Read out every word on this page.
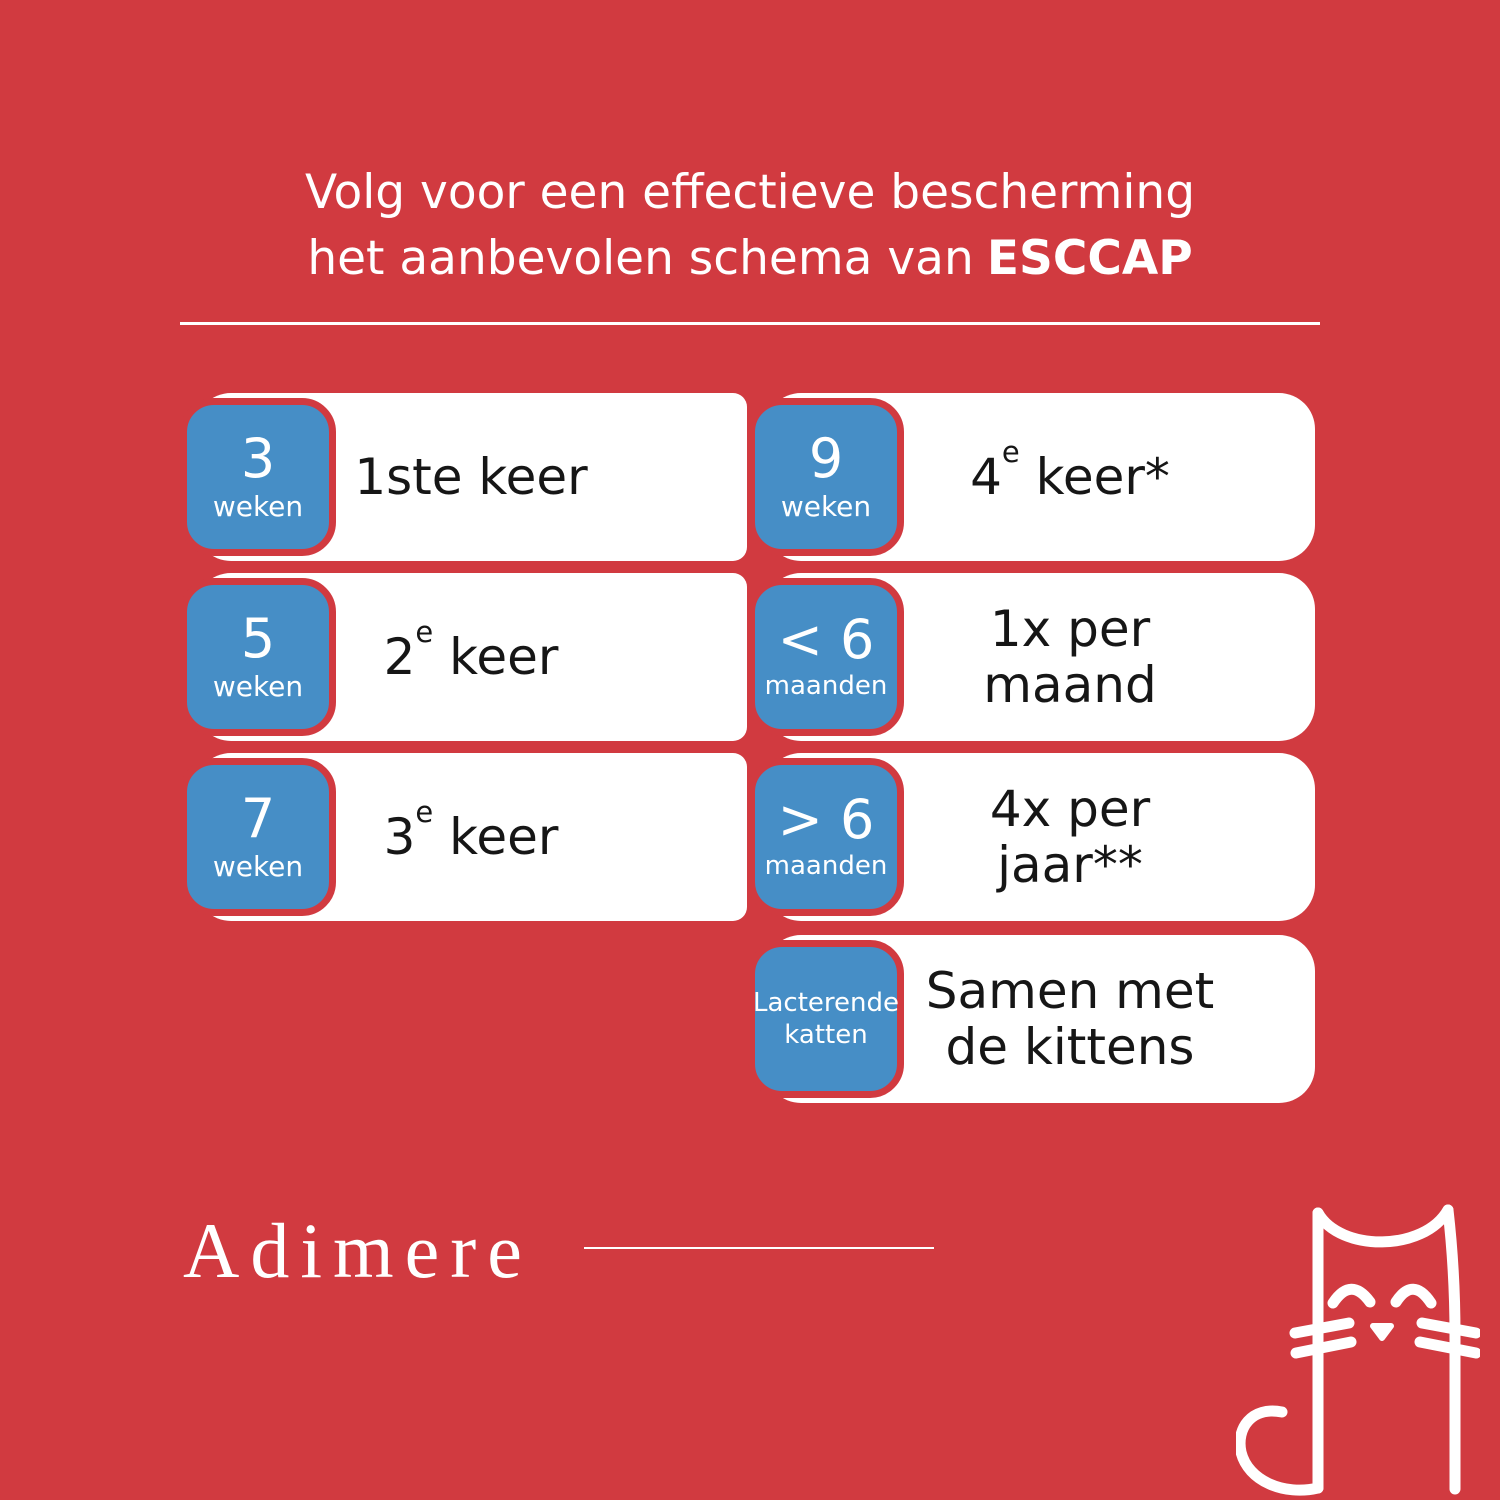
Volg voor een effectieve bescherming
het aanbevolen schema van ESCCAP
1ste keer
3
weken
2e keer
5
weken
3e keer
7
weken
4e keer*
9
weken
1x per
maand
< 6
maanden
4x per
jaar**
> 6
maanden
Samen met
de kittens
Lacterende
katten
Adimere
